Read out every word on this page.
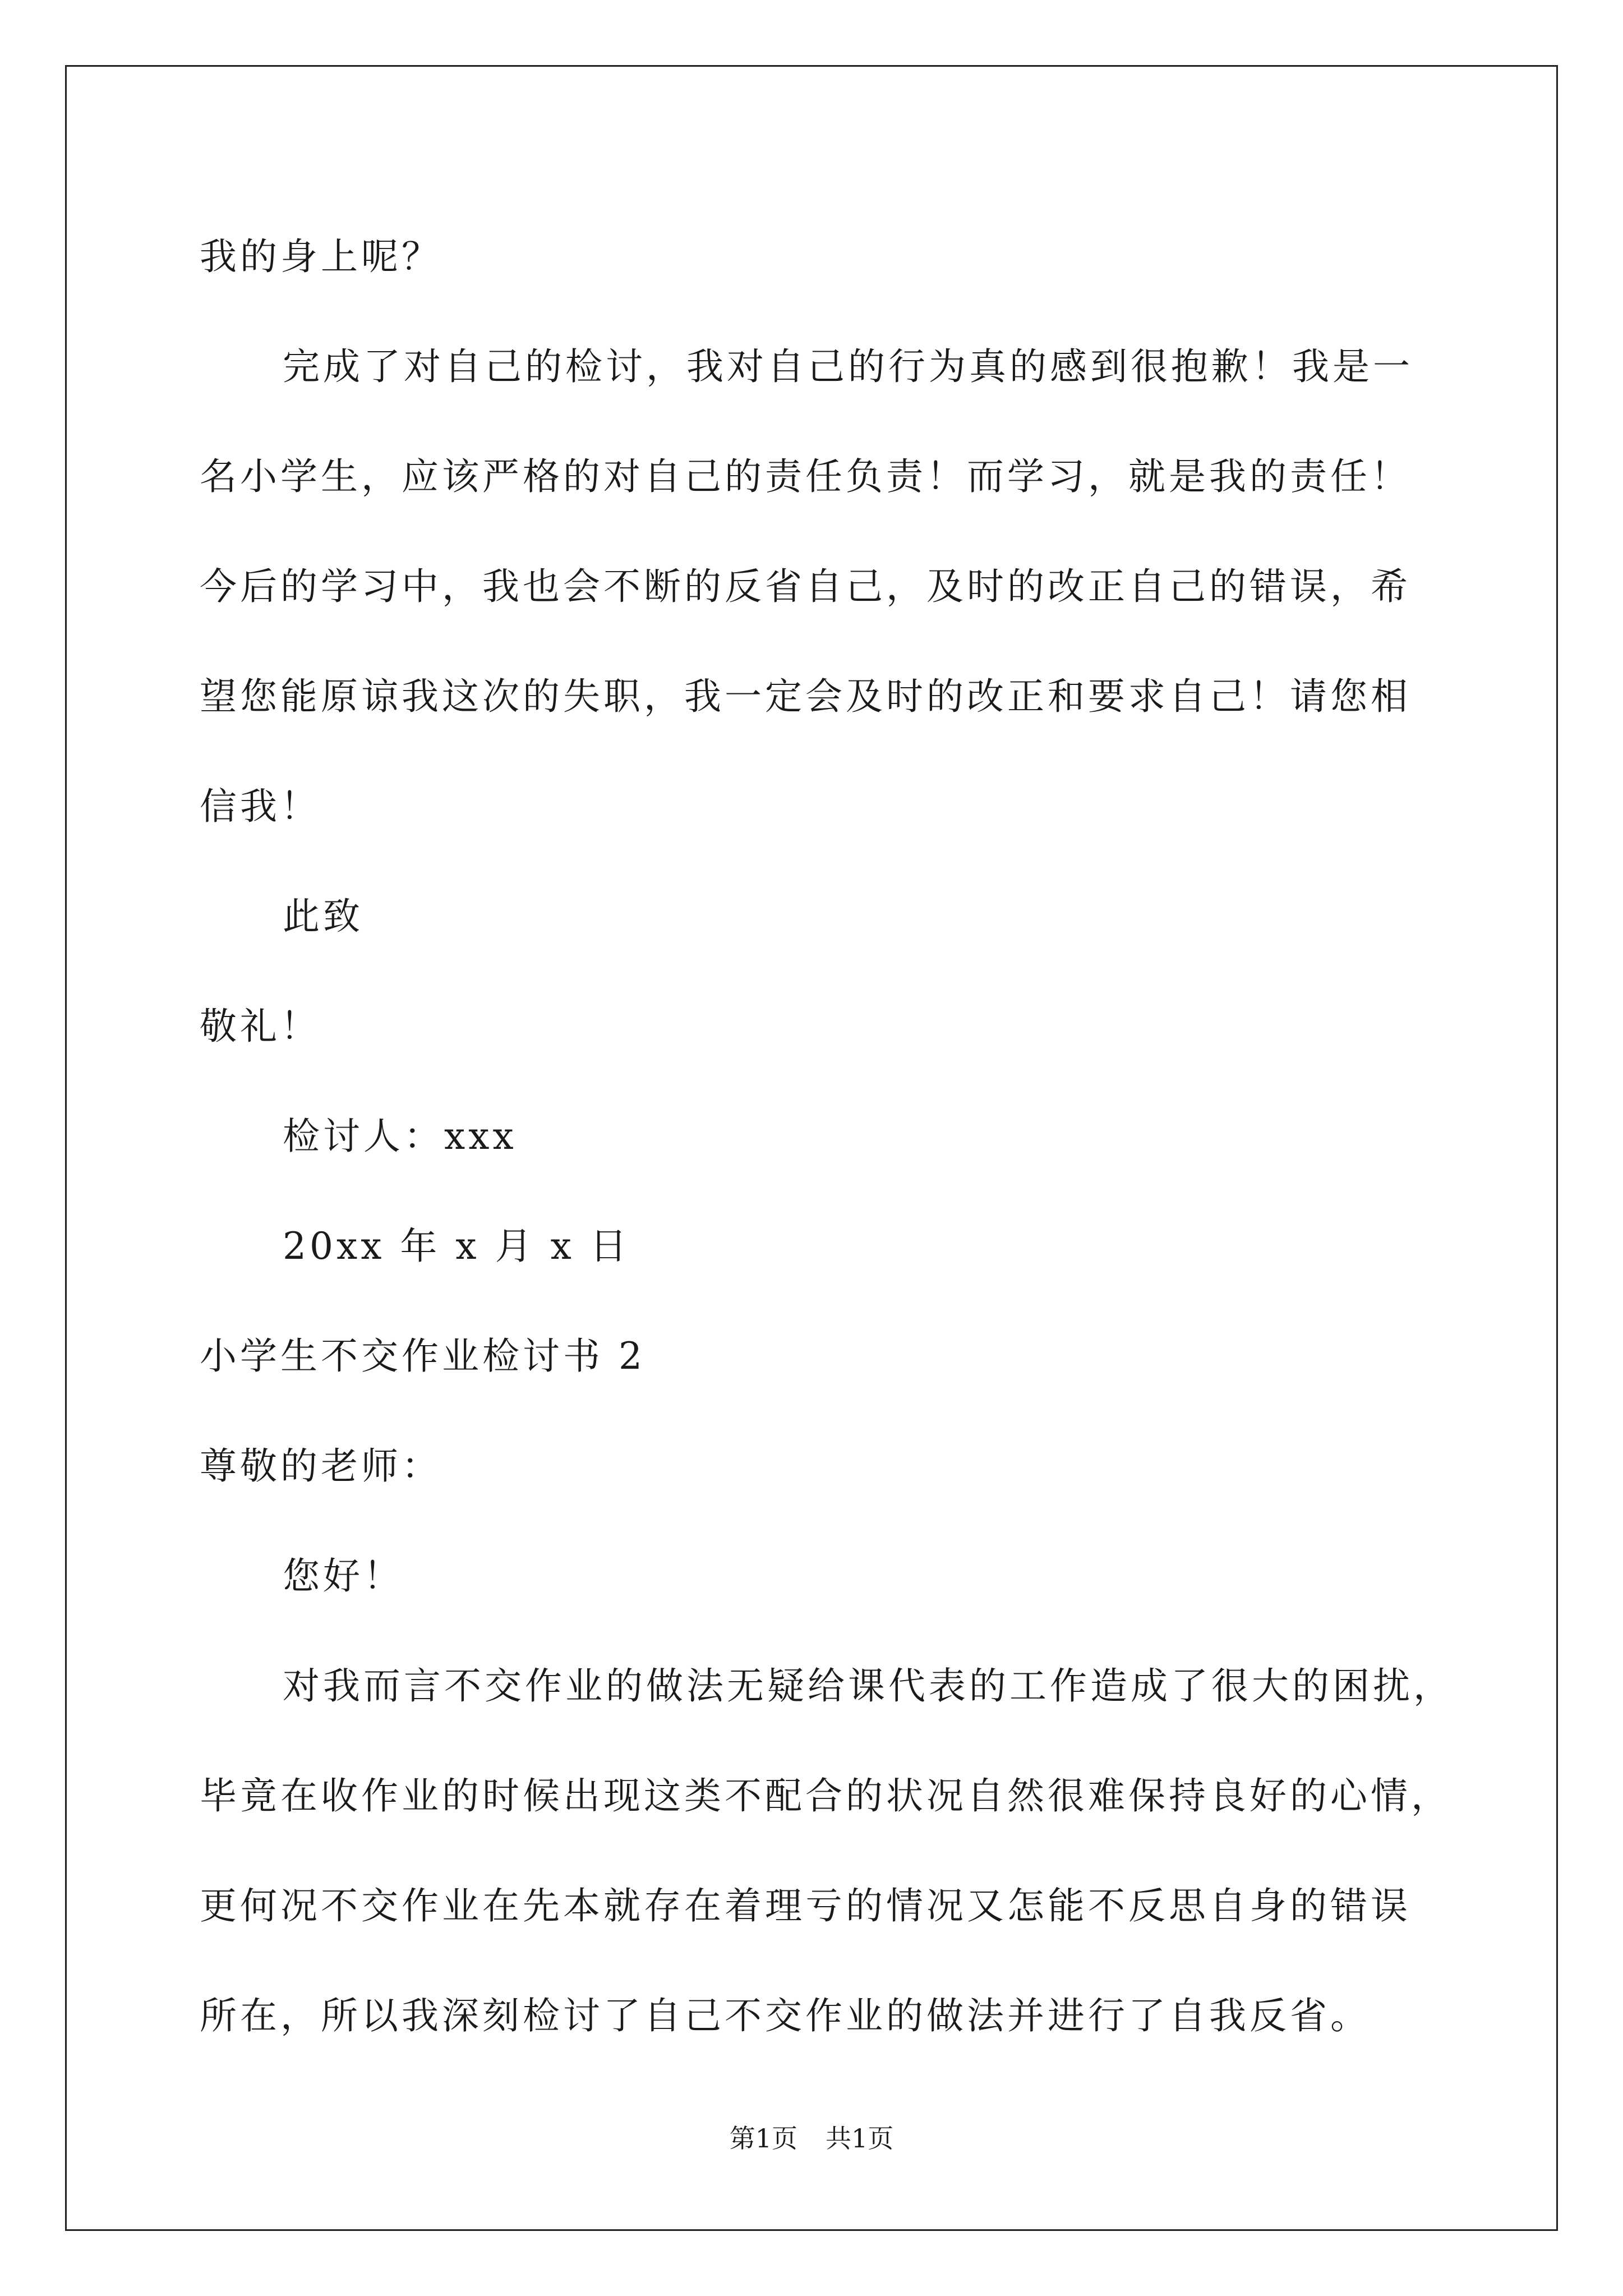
我的身上呢？
完成了对自己的检讨，我对自己的行为真的感到很抱歉！我是一
名小学生，应该严格的对自己的责任负责！而学习，就是我的责任！
今后的学习中，我也会不断的反省自己，及时的改正自己的错误，希
望您能原谅我这次的失职，我一定会及时的改正和要求自己！请您相
信我！
此致
敬礼！
检讨人：xxx
20xx 年 x 月 x 日
小学生不交作业检讨书 2
尊敬的老师：
您好！
对我而言不交作业的做法无疑给课代表的工作造成了很大的困扰，
毕竟在收作业的时候出现这类不配合的状况自然很难保持良好的心情，
更何况不交作业在先本就存在着理亏的情况又怎能不反思自身的错误
所在，所以我深刻检讨了自己不交作业的做法并进行了自我反省。
第1页 共1页
